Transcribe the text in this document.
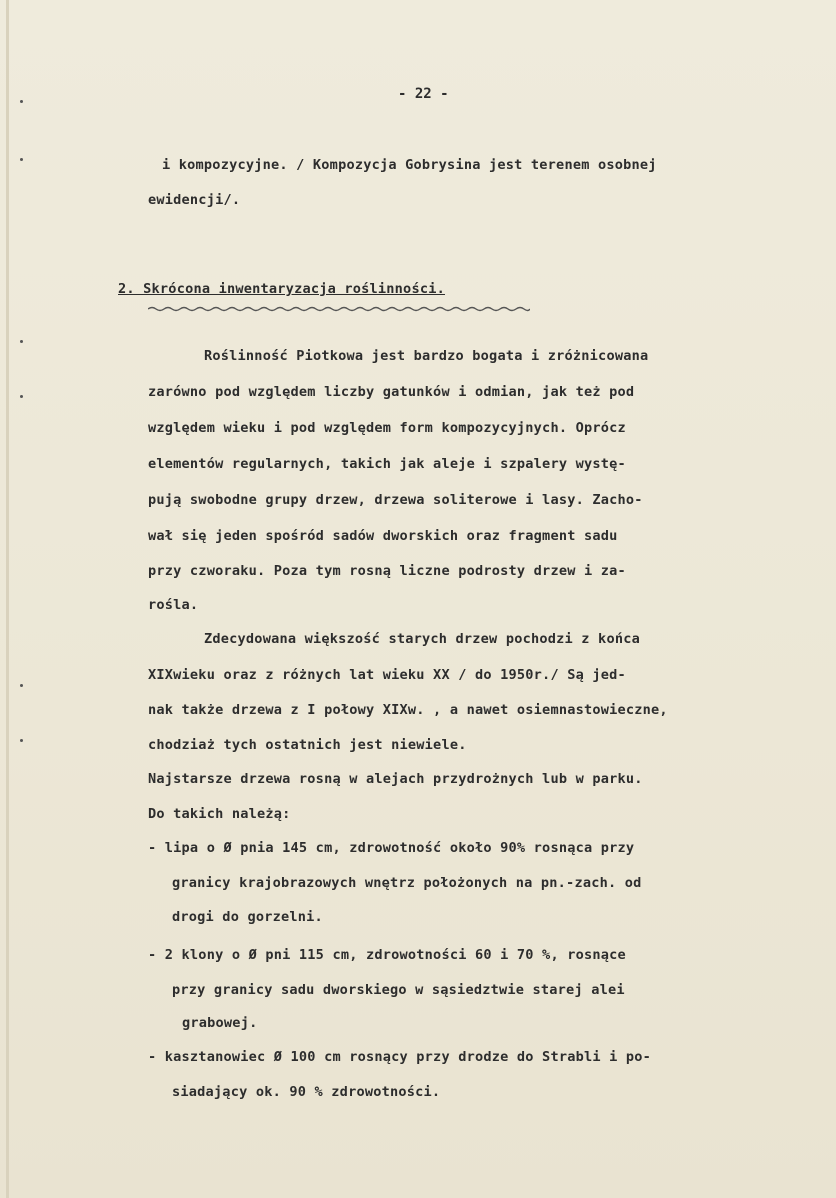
- 22 -
i kompozycyjne. / Kompozycja Gobrysina jest terenem osobnej
ewidencji/.
2. Skrócona inwentaryzacja roślinności.
Roślinność Piotkowa jest bardzo bogata i zróżnicowana
zarówno pod względem liczby gatunków i odmian, jak też pod
względem wieku i pod względem form kompozycyjnych. Oprócz
elementów regularnych, takich jak aleje i szpalery wystę-
pują swobodne grupy drzew, drzewa soliterowe i lasy. Zacho-
wał się jeden spośród sadów dworskich oraz fragment sadu
przy czworaku. Poza tym rosną liczne podrosty drzew i za-
rośla.
Zdecydowana większość starych drzew pochodzi z końca
XIXwieku oraz z różnych lat wieku XX / do 1950r./ Są jed-
nak także drzewa z I połowy XIXw. , a nawet osiemnastowieczne,
chodziaż tych ostatnich jest niewiele.
Najstarsze drzewa rosną w alejach przydrożnych lub w parku.
Do takich należą:
- lipa o Ø pnia 145 cm, zdrowotność około 90% rosnąca przy
granicy krajobrazowych wnętrz położonych na pn.-zach. od
drogi do gorzelni.
- 2 klony o Ø pni 115 cm, zdrowotności 60 i 70 %, rosnące
przy granicy sadu dworskiego w sąsiedztwie starej alei
grabowej.
- kasztanowiec Ø 100 cm rosnący przy drodze do Strabli i po-
siadający ok. 90 % zdrowotności.
